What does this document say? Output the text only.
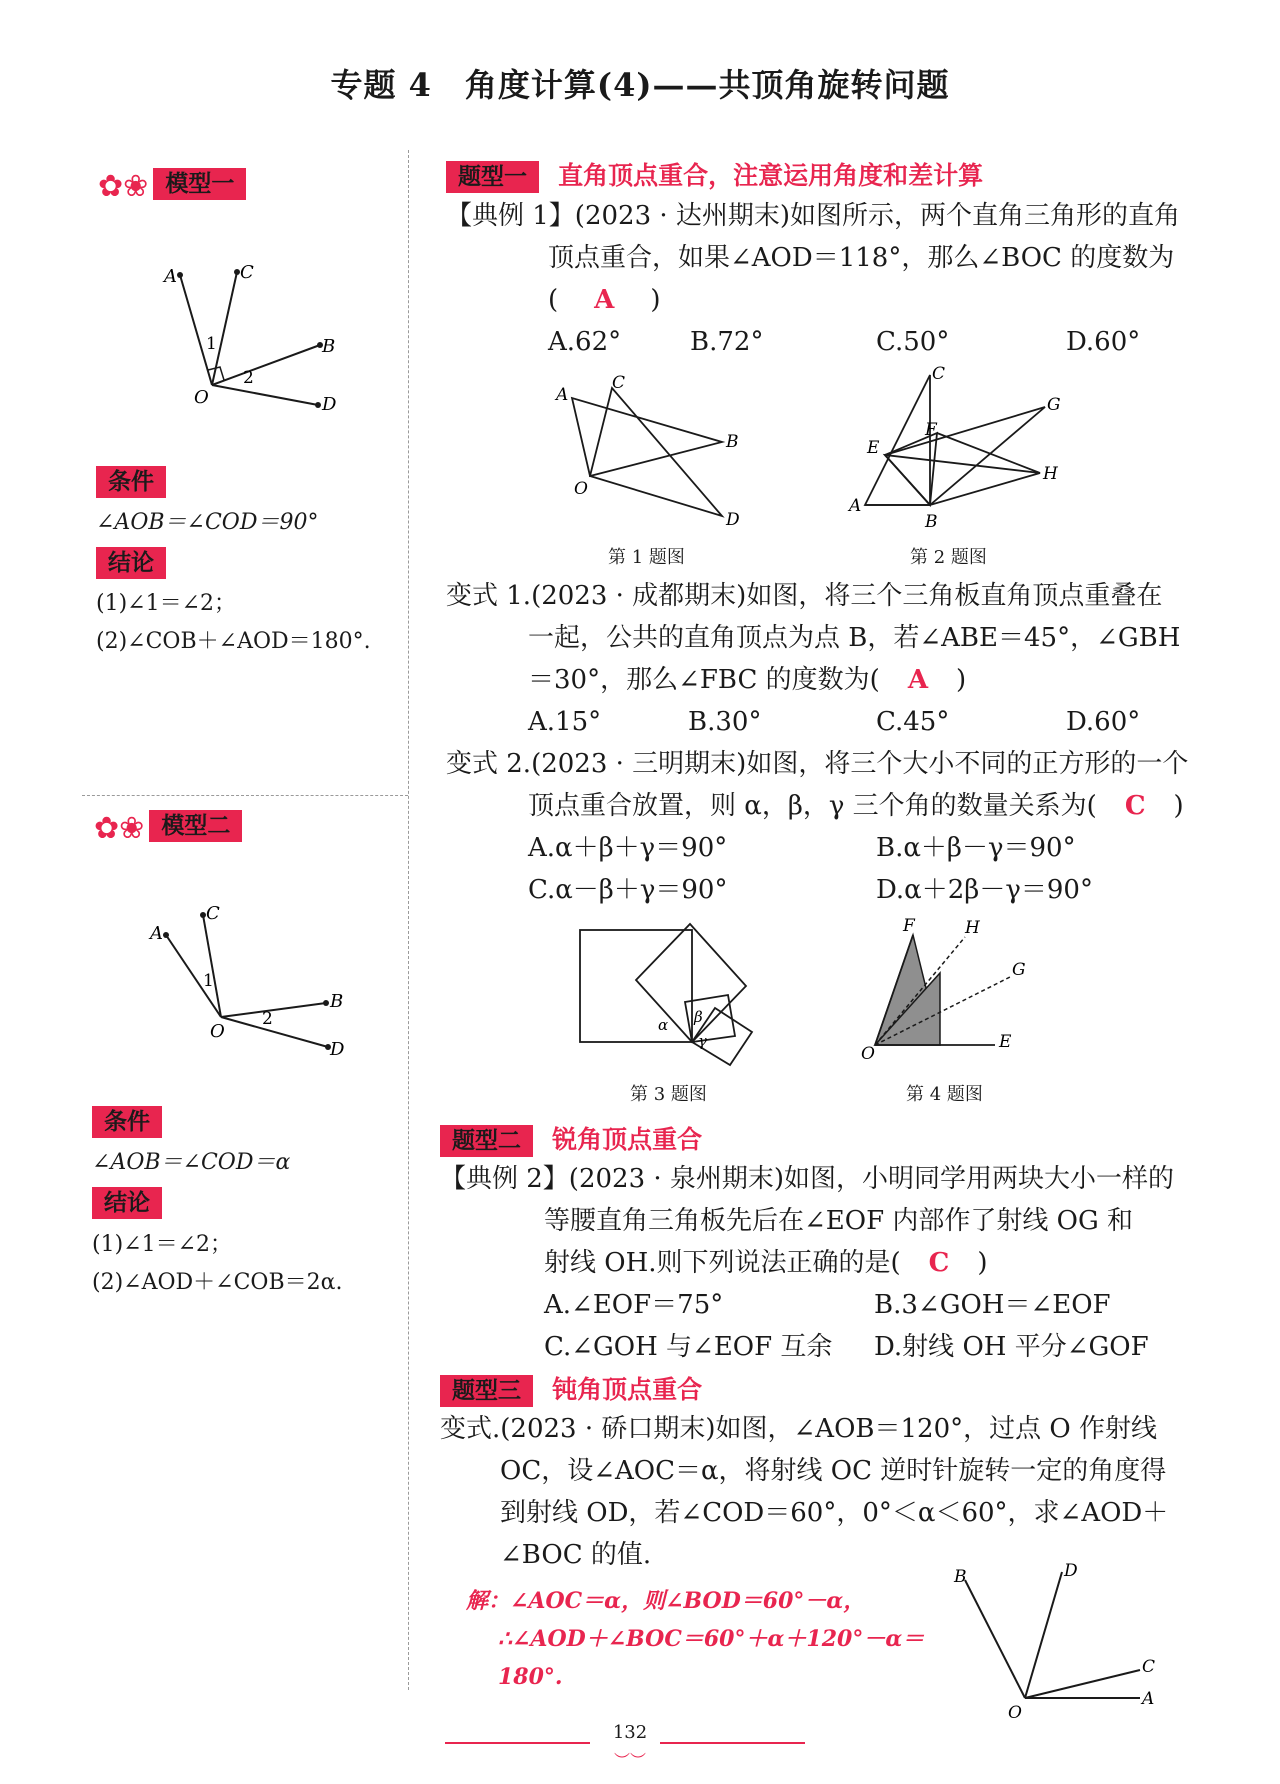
专题 4　角度计算(4)——共顶角旋转问题
✿❀ 模型一
A	C
B
D
O
1
2
条件
∠AOB＝∠COD＝90°
结论
(1)∠1＝∠2；
(2)∠COB＋∠AOD＝180°.
✿❀ 模型二
A
C
B
D
O
1
2
条件
∠AOB＝∠COD＝α
结论
(1)∠1＝∠2；
(2)∠AOD＋∠COB＝2α.
题型一 直角顶点重合，注意运用角度和差计算
【典例 1】(2023 · 达州期末)如图所示，两个直角三角形的直角
顶点重合，如果∠AOD＝118°，那么∠BOC 的度数为
( A )
A.62°	B.72°	C.50°	D.60°
A
C
B
O
D
第 1 题图
A
C
E
F
G
H
B
第 2 题图
变式 1.(2023 · 成都期末)如图，将三个三角板直角顶点重叠在
一起，公共的直角顶点为点 B，若∠ABE＝45°，∠GBH
＝30°，那么∠FBC 的度数为( A )
A.15°	B.30°	C.45°	D.60°
变式 2.(2023 · 三明期末)如图，将三个大小不同的正方形的一个
顶点重合放置，则 α，β，γ 三个角的数量关系为( C )
A.α＋β＋γ＝90°	B.α＋β－γ＝90°
C.α－β＋γ＝90°	D.α＋2β－γ＝90°
α β
γ
第 3 题图
F	H
G
E
O
第 4 题图
题型二 锐角顶点重合
【典例 2】(2023 · 泉州期末)如图，小明同学用两块大小一样的
等腰直角三角板先后在∠EOF 内部作了射线 OG 和
射线 OH.则下列说法正确的是( C )
A.∠EOF＝75°	B.3∠GOH＝∠EOF
C.∠GOH 与∠EOF 互余 D.射线 OH 平分∠GOF
题型三 钝角顶点重合
变式.(2023 · 硚口期末)如图，∠AOB＝120°，过点 O 作射线
OC，设∠AOC＝α，将射线 OC 逆时针旋转一定的角度得
到射线 OD，若∠COD＝60°，0°＜α＜60°，求∠AOD＋
∠BOC 的值.
解：∠AOC＝α，则∠BOD＝60°－α，
∴∠AOD＋∠BOC＝60°＋α＋120°－α＝
180°.
B	D
C
A
O
132
︶︶
